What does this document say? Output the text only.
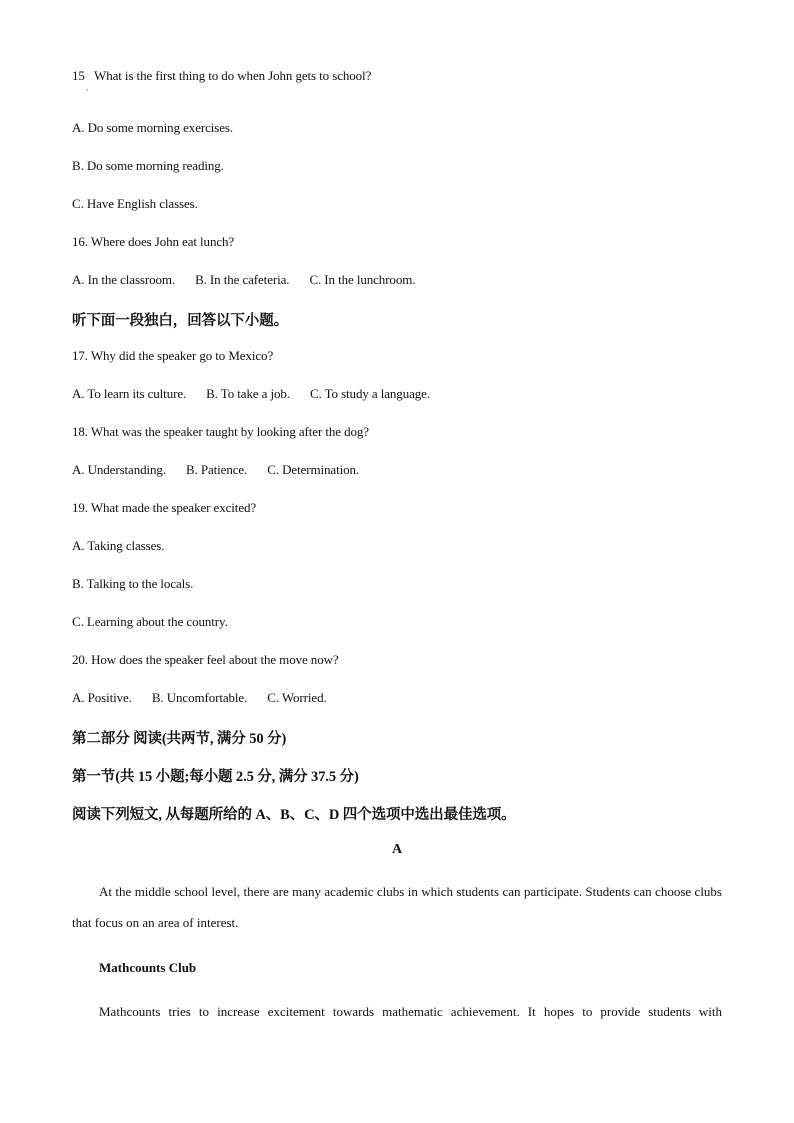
15 What is the first thing to do when John gets to school?
·
A. Do some morning exercises.
B. Do some morning reading.
C. Have English classes.
16. Where does John eat lunch?
A. In the classroom. B. In the cafeteria. C. In the lunchroom.
听下面一段独白，回答以下小题。
17. Why did the speaker go to Mexico?
A. To learn its culture. B. To take a job. C. To study a language.
18. What was the speaker taught by looking after the dog?
A. Understanding. B. Patience. C. Determination.
19. What made the speaker excited?
A. Taking classes.
B. Talking to the locals.
C. Learning about the country.
20. How does the speaker feel about the move now?
A. Positive. B. Uncomfortable. C. Worried.
第二部分 阅读(共两节, 满分 50 分)
第一节(共 15 小题;每小题 2.5 分, 满分 37.5 分)
阅读下列短文, 从每题所给的 A、B、C、D 四个选项中选出最佳选项。
A
At the middle school level, there are many academic clubs in which students can participate. Students can choose clubs that focus on an area of interest.
Mathcounts Club
Mathcounts tries to increase excitement towards mathematic achievement. It hopes to provide students with
